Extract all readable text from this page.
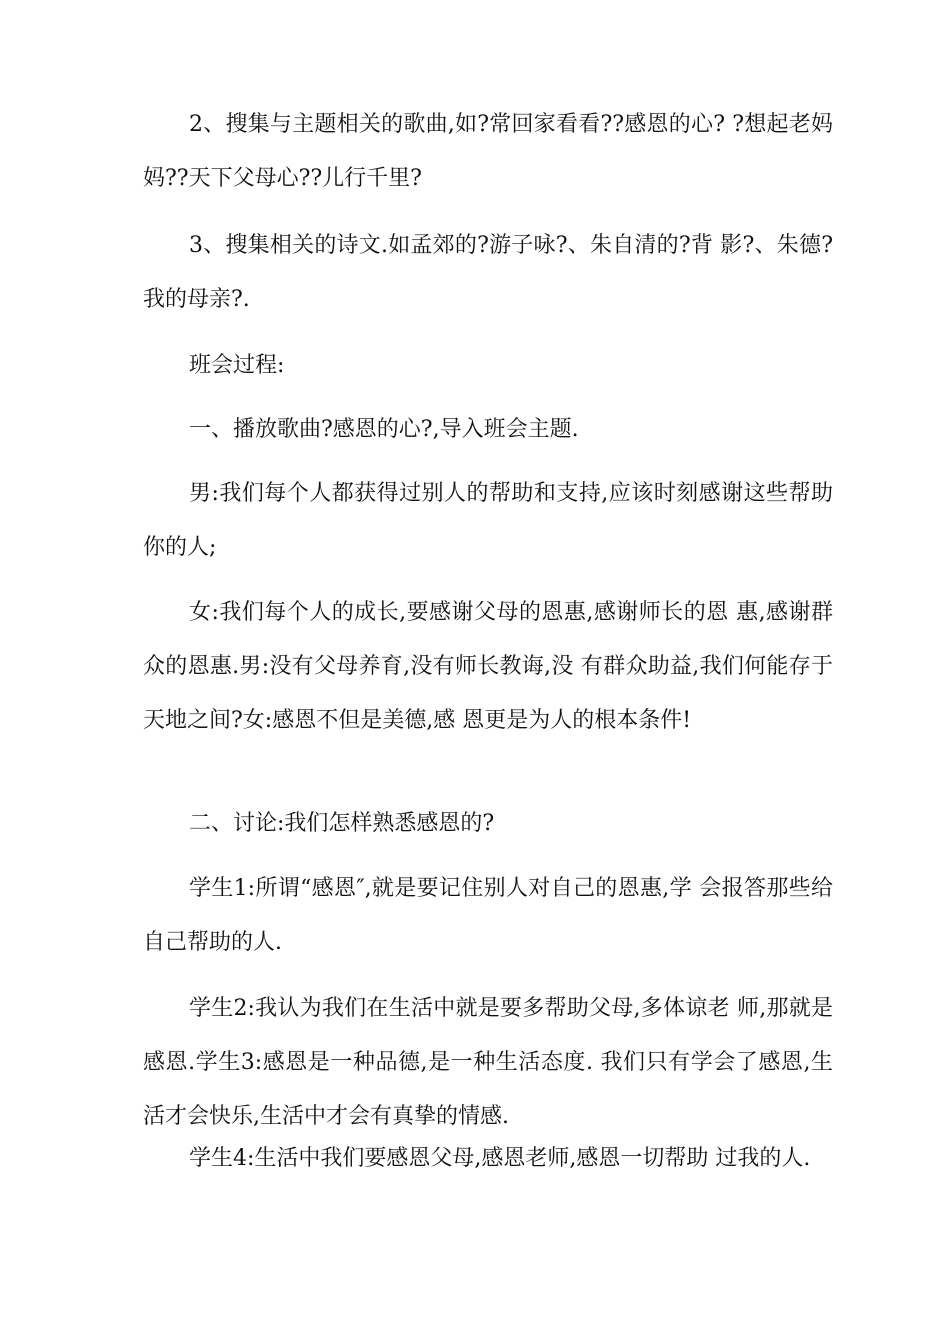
2、搜集与主题相关的歌曲,如?常回家看看??感恩的心? ?想起老妈妈??天下父母心??儿行千里?

3、搜集相关的诗文.如孟郊的?游子咏?、朱自清的?背 影?、朱德?我的母亲?.

班会过程:

一、播放歌曲?感恩的心?,导入班会主题.

男:我们每个人都获得过别人的帮助和支持,应该时刻感谢这些帮助你的人;

女:我们每个人的成长,要感谢父母的恩惠,感谢师长的恩 惠,感谢群众的恩惠.男:没有父母养育,没有师长教诲,没 有群众助益,我们何能存于天地之间?女:感恩不但是美德,感 恩更是为人的根本条件!

二、讨论:我们怎样熟悉感恩的?

学生1:所谓“感恩″,就是要记住别人对自己的恩惠,学 会报答那些给自己帮助的人.

学生2:我认为我们在生活中就是要多帮助父母,多体谅老 师,那就是感恩.学生3:感恩是一种品德,是一种生活态度. 我们只有学会了感恩,生活才会快乐,生活中才会有真挚的情感.

学生4:生活中我们要感恩父母,感恩老师,感恩一切帮助 过我的人.
